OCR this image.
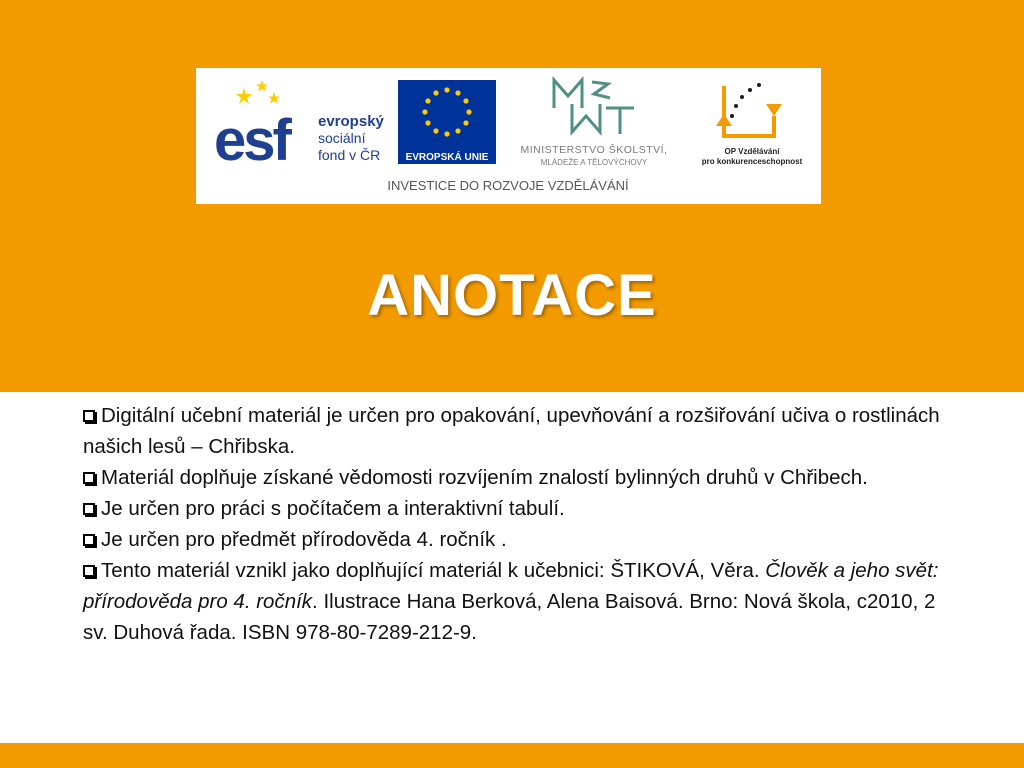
esf evropský
sociální
fond v ČR	EVROPSKÁ UNIE
MINISTERSTVO ŠKOLSTVÍ,
MLÁDEŽE A TĚLOVÝCHOVY
OP Vzdělávání
pro konkurenceschopnost
INVESTICE DO ROZVOJE VZDĚLÁVÁNÍ
ANOTACE

Digitální učební materiál je určen pro opakování, upevňování a rozšiřování učiva o rostlinách našich lesů – Chřibska.

Materiál doplňuje získané vědomosti rozvíjením znalostí bylinných druhů v Chřibech.

Je určen pro práci s počítačem a interaktivní tabulí.

Je určen pro předmět přírodověda 4. ročník .

Tento materiál vznikl jako doplňující materiál k učebnici: ŠTIKOVÁ, Věra. Člověk a jeho svět: přírodověda pro 4. ročník. Ilustrace Hana Berková, Alena Baisová. Brno: Nová škola, c2010, 2 sv. Duhová řada. ISBN 978-80-7289-212-9.
